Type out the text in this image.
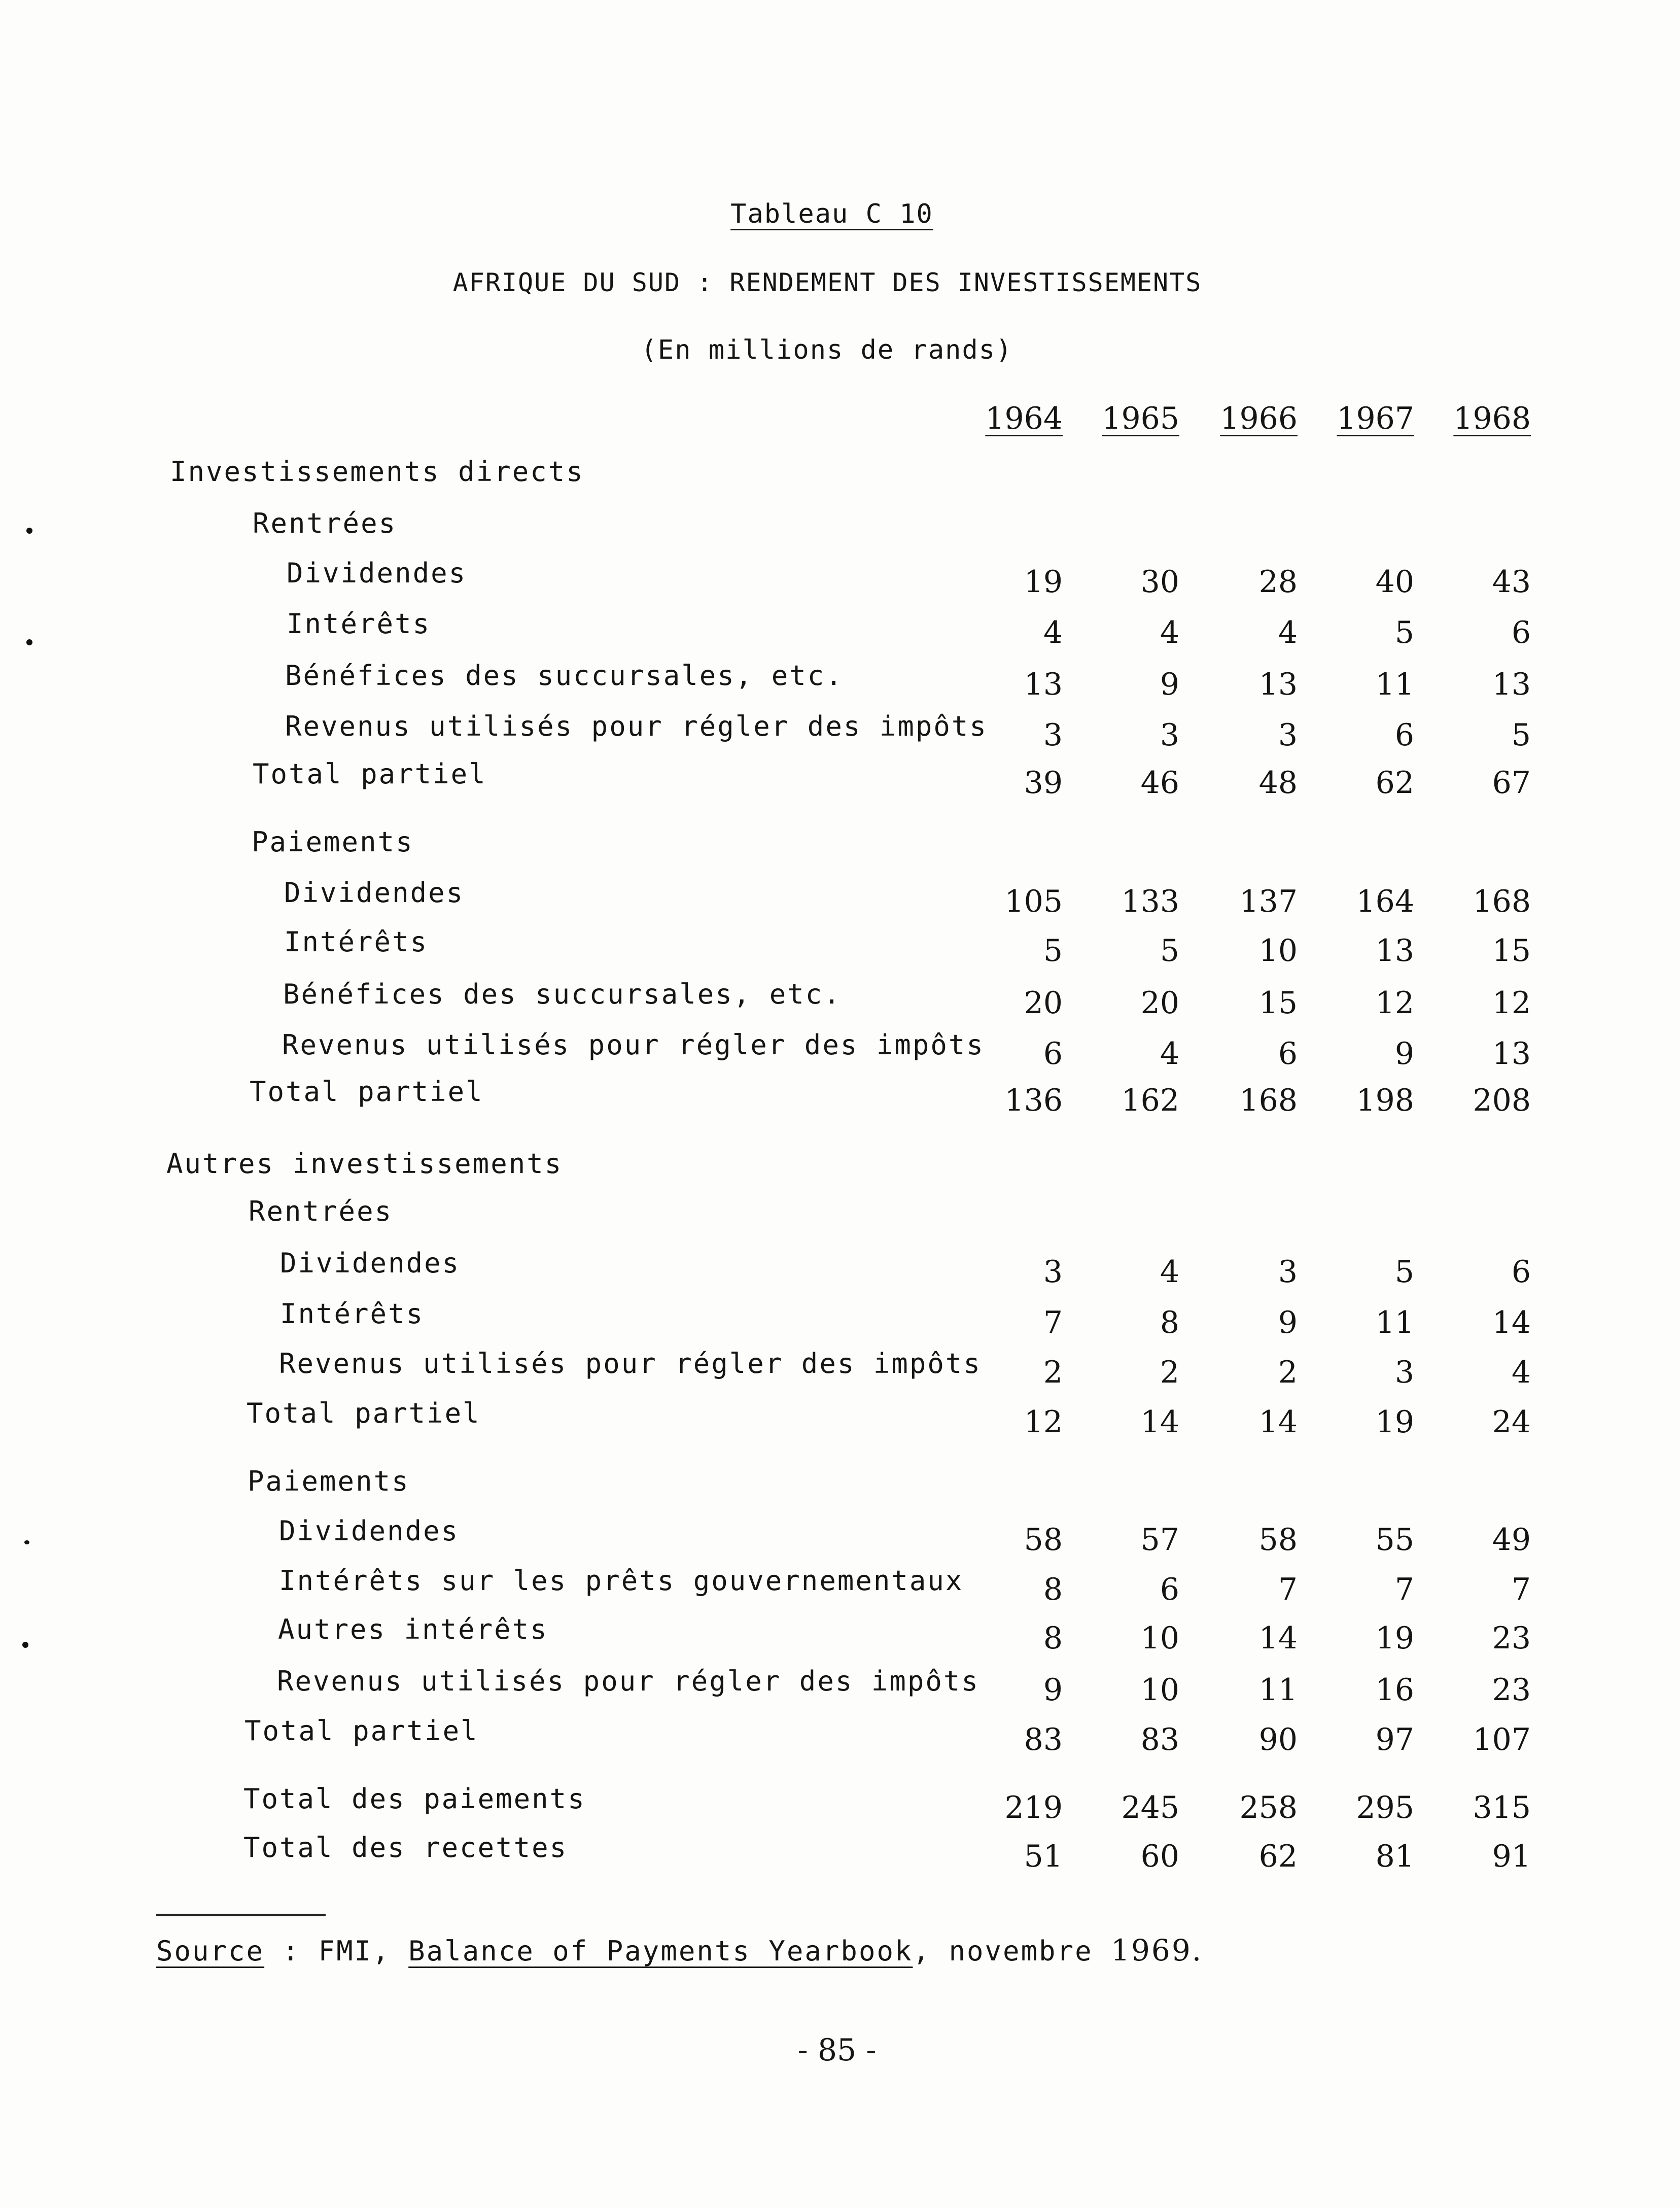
Tableau C 10
AFRIQUE DU SUD : RENDEMENT DES INVESTISSEMENTS
(En millions de rands)
1964 1965 1966 1967 1968
Investissements directs
Rentrées
Dividendes	19	30	28	40	43
Intérêts	4	4	4	5	6
Bénéfices des succursales, etc.	13	9	13	11	13
Revenus utilisés pour régler des impôts	3	3	3	6	5
Total partiel	39	46	48	62	67
Paiements
Dividendes	105	133	137	164	168
Intérêts	5	5	10	13	15
Bénéfices des succursales, etc.	20	20	15	12	12
Revenus utilisés pour régler des impôts	6	4	6	9	13
Total partiel	136	162	168	198	208
Autres investissements
Rentrées
Dividendes	3	4	3	5	6
Intérêts	7	8	9	11	14
Revenus utilisés pour régler des impôts	2	2	2	3	4
Total partiel	12	14	14	19	24
Paiements
Dividendes	58	57	58	55	49
Intérêts sur les prêts gouvernementaux	8	6	7	7	7
Autres intérêts	8	10	14	19	23
Revenus utilisés pour régler des impôts	9	10	11	16	23
Total partiel	83	83	90	97	107
Total des paiements	219	245	258	295	315
Total des recettes	51	60	62	81	91
Source : FMI, Balance of Payments Yearbook, novembre 1969.
- 85 -
